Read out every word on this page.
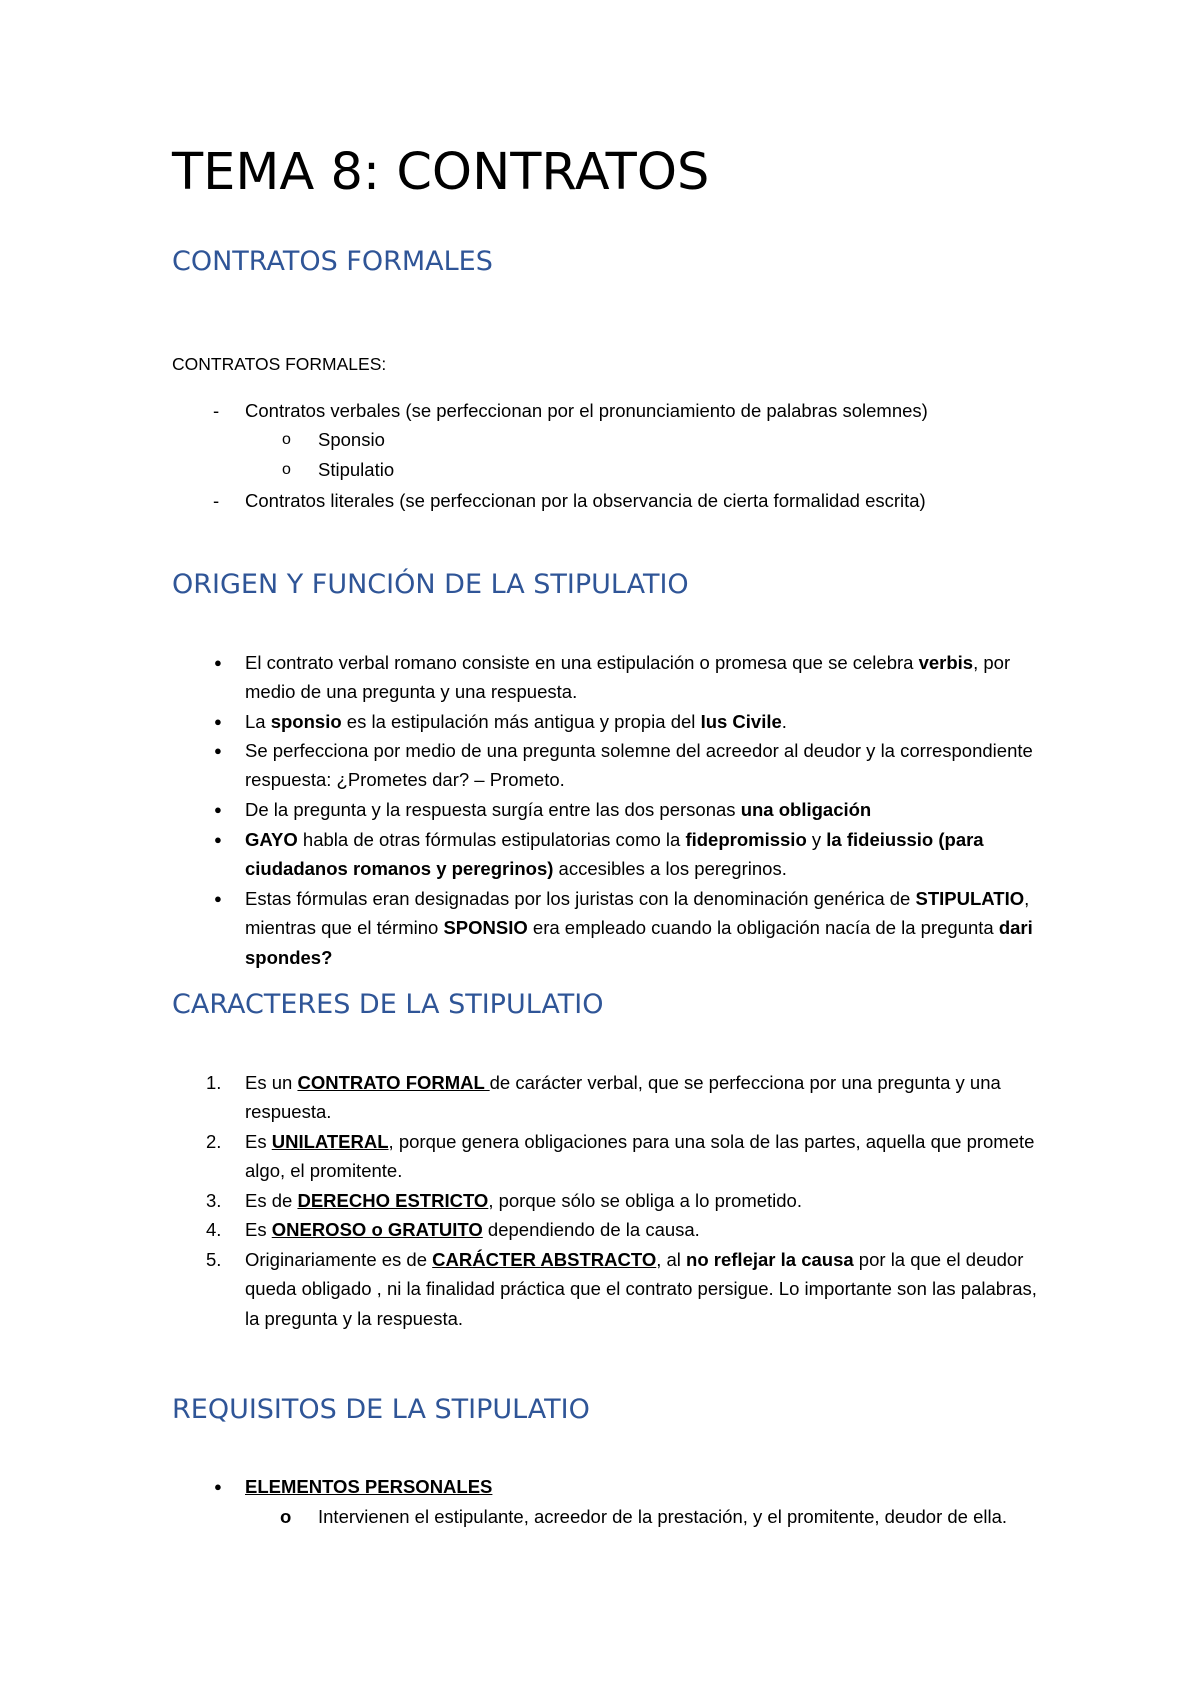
TEMA 8: CONTRATOS
CONTRATOS FORMALES

CONTRATOS FORMALES:

- Contratos verbales (se perfeccionan por el pronunciamiento de palabras solemnes)
o Sponsio
o Stipulatio
- Contratos literales (se perfeccionan por la observancia de cierta formalidad escrita)
ORIGEN Y FUNCIÓN DE LA STIPULATIO
● El contrato verbal romano consiste en una estipulación o promesa que se celebra verbis, por medio de una pregunta y una respuesta.
● La sponsio es la estipulación más antigua y propia del Ius Civile.
● Se perfecciona por medio de una pregunta solemne del acreedor al deudor y la correspondiente respuesta: ¿Prometes dar? – Prometo.
● De la pregunta y la respuesta surgía entre las dos personas una obligación
● GAYO habla de otras fórmulas estipulatorias como la fidepromissio y la fideiussio (para ciudadanos romanos y peregrinos) accesibles a los peregrinos.
● Estas fórmulas eran designadas por los juristas con la denominación genérica de STIPULATIO, mientras que el término SPONSIO era empleado cuando la obligación nacía de la pregunta dari spondes?
CARACTERES DE LA STIPULATIO
1. Es un CONTRATO FORMAL de carácter verbal, que se perfecciona por una pregunta y una respuesta.
2. Es UNILATERAL, porque genera obligaciones para una sola de las partes, aquella que promete algo, el promitente.
3. Es de DERECHO ESTRICTO, porque sólo se obliga a lo prometido.
4. Es ONEROSO o GRATUITO dependiendo de la causa.
5. Originariamente es de CARÁCTER ABSTRACTO, al no reflejar la causa por la que el deudor queda obligado , ni la finalidad práctica que el contrato persigue. Lo importante son las palabras, la pregunta y la respuesta.
REQUISITOS DE LA STIPULATIO
● ELEMENTOS PERSONALES
o Intervienen el estipulante, acreedor de la prestación, y el promitente, deudor de ella.
